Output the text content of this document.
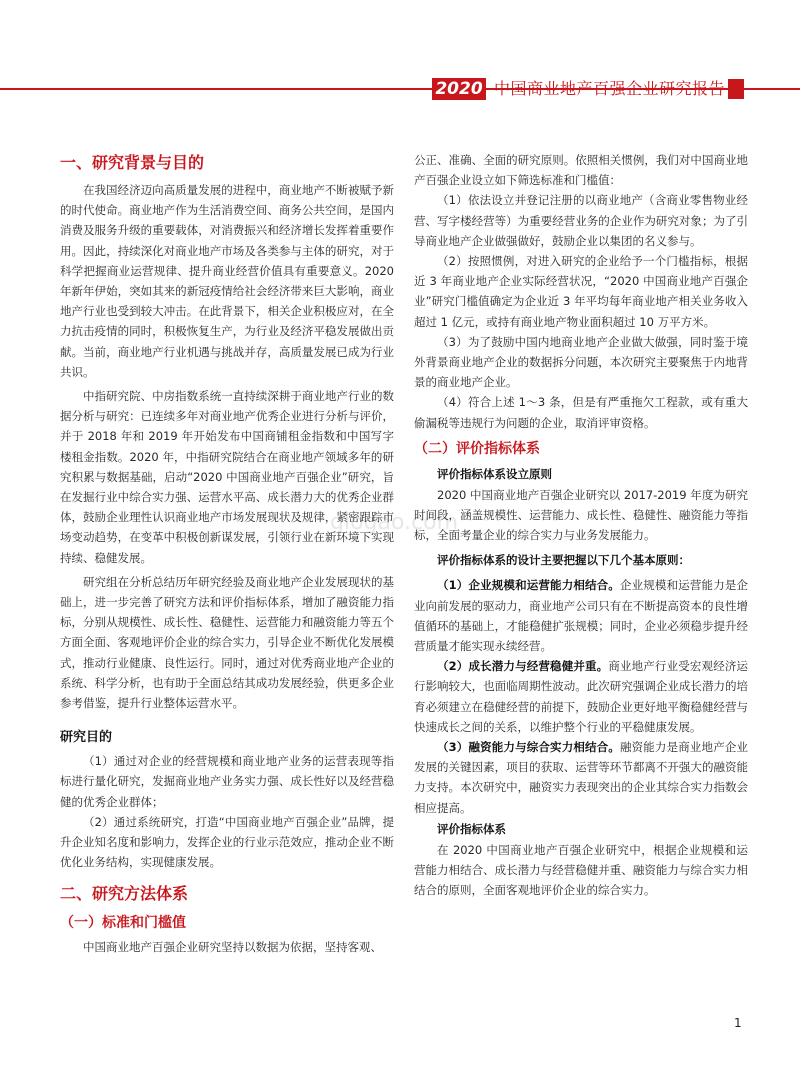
2020 中国商业地产百强企业研究报告
glogao.com
一、研究背景与目的

在我国经济迈向高质量发展的进程中，商业地产不断被赋予新的时代使命。商业地产作为生活消费空间、商务公共空间，是国内消费及服务升级的重要载体，对消费振兴和经济增长发挥着重要作用。因此，持续深化对商业地产市场及各类参与主体的研究，对于科学把握商业运营规律、提升商业经营价值具有重要意义。2020 年新年伊始，突如其来的新冠疫情给社会经济带来巨大影响，商业地产行业也受到较大冲击。在此背景下，相关企业积极应对，在全力抗击疫情的同时，积极恢复生产，为行业及经济平稳发展做出贡献。当前，商业地产行业机遇与挑战并存，高质量发展已成为行业共识。

中指研究院、中房指数系统一直持续深耕于商业地产行业的数据分析与研究：已连续多年对商业地产优秀企业进行分析与评价，并于 2018 年和 2019 年开始发布中国商铺租金指数和中国写字楼租金指数。2020 年，中指研究院结合在商业地产领域多年的研究积累与数据基础，启动“2020 中国商业地产百强企业”研究，旨在发掘行业中综合实力强、运营水平高、成长潜力大的优秀企业群体，鼓励企业理性认识商业地产市场发展现状及规律，紧密跟踪市场变动趋势，在变革中积极创新谋发展，引领行业在新环境下实现持续、稳健发展。

研究组在分析总结历年研究经验及商业地产企业发展现状的基础上，进一步完善了研究方法和评价指标体系，增加了融资能力指标，分别从规模性、成长性、稳健性、运营能力和融资能力等五个方面全面、客观地评价企业的综合实力，引导企业不断优化发展模式，推动行业健康、良性运行。同时，通过对优秀商业地产企业的系统、科学分析，也有助于全面总结其成功发展经验，供更多企业参考借鉴，提升行业整体运营水平。

研究目的

（1）通过对企业的经营规模和商业地产业务的运营表现等指标进行量化研究，发掘商业地产业务实力强、成长性好以及经营稳健的优秀企业群体；

（2）通过系统研究，打造“中国商业地产百强企业”品牌，提升企业知名度和影响力，发挥企业的行业示范效应，推动企业不断优化业务结构，实现健康发展。

二、研究方法体系
（一）标准和门槛值

中国商业地产百强企业研究坚持以数据为依据，坚持客观、

公正、准确、全面的研究原则。依照相关惯例，我们对中国商业地产百强企业设立如下筛选标准和门槛值：

（1）依法设立并登记注册的以商业地产（含商业零售物业经营、写字楼经营等）为重要经营业务的企业作为研究对象；为了引导商业地产企业做强做好，鼓励企业以集团的名义参与。

（2）按照惯例，对进入研究的企业给予一个门槛指标，根据近 3 年商业地产企业实际经营状况，“2020 中国商业地产百强企业”研究门槛值确定为企业近 3 年平均每年商业地产相关业务收入超过 1 亿元，或持有商业地产物业面积超过 10 万平方米。

（3）为了鼓励中国内地商业地产企业做大做强，同时鉴于境外背景商业地产企业的数据拆分问题，本次研究主要聚焦于内地背景的商业地产企业。

（4）符合上述 1～3 条，但是有严重拖欠工程款，或有重大偷漏税等违规行为问题的企业，取消评审资格。

（二）评价指标体系
评价指标体系设立原则

2020 中国商业地产百强企业研究以 2017-2019 年度为研究时间段，涵盖规模性、运营能力、成长性、稳健性、融资能力等指标，全面考量企业的综合实力与业务发展能力。

评价指标体系的设计主要把握以下几个基本原则：

（1）企业规模和运营能力相结合。企业规模和运营能力是企业向前发展的驱动力，商业地产公司只有在不断提高资本的良性增值循环的基础上，才能稳健扩张规模；同时，企业必须稳步提升经营质量才能实现永续经营。

（2）成长潜力与经营稳健并重。商业地产行业受宏观经济运行影响较大，也面临周期性波动。此次研究强调企业成长潜力的培育必须建立在稳健经营的前提下，鼓励企业更好地平衡稳健经营与快速成长之间的关系，以维护整个行业的平稳健康发展。

（3）融资能力与综合实力相结合。融资能力是商业地产企业发展的关键因素，项目的获取、运营等环节都离不开强大的融资能力支持。本次研究中，融资实力表现突出的企业其综合实力指数会相应提高。

评价指标体系

在 2020 中国商业地产百强企业研究中，根据企业规模和运营能力相结合、成长潜力与经营稳健并重、融资能力与综合实力相结合的原则，全面客观地评价企业的综合实力。

1
